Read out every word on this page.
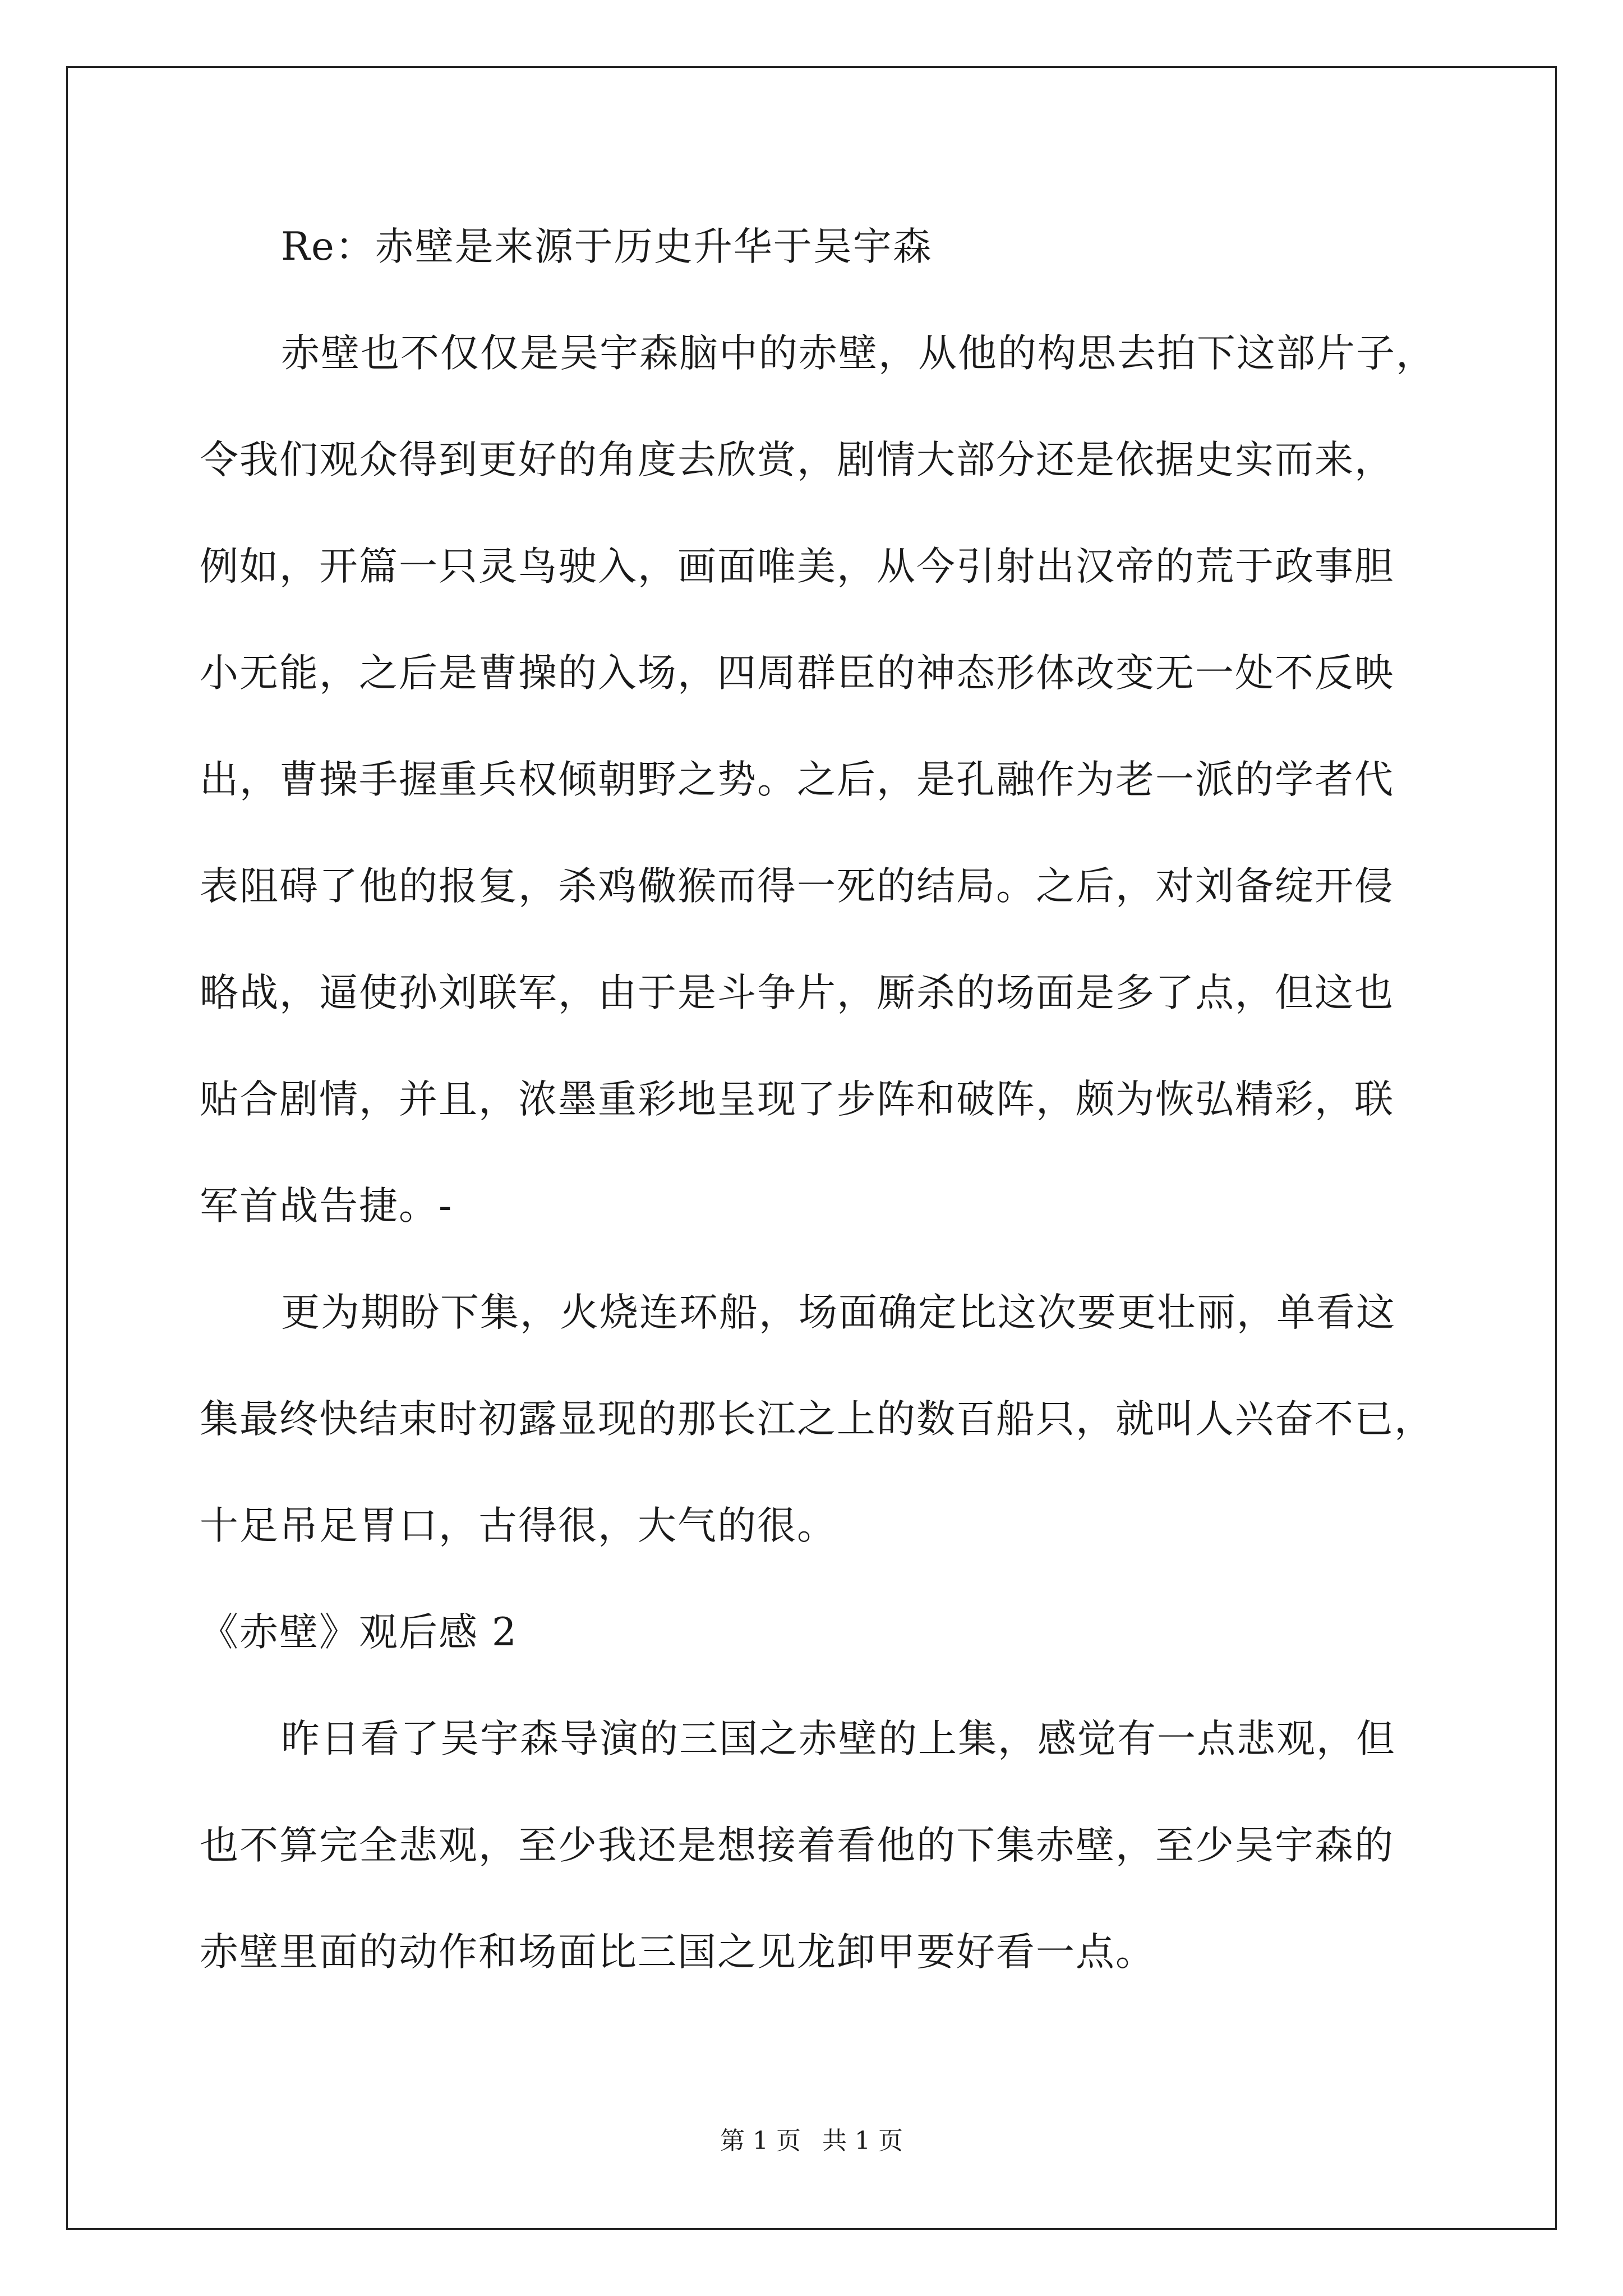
Re：赤壁是来源于历史升华于吴宇森
赤壁也不仅仅是吴宇森脑中的赤壁，从他的构思去拍下这部片子，
令我们观众得到更好的角度去欣赏，剧情大部分还是依据史实而来，
例如，开篇一只灵鸟驶入，画面唯美，从今引射出汉帝的荒于政事胆
小无能，之后是曹操的入场，四周群臣的神态形体改变无一处不反映
出，曹操手握重兵权倾朝野之势。之后，是孔融作为老一派的学者代
表阻碍了他的报复，杀鸡儆猴而得一死的结局。之后，对刘备绽开侵
略战，逼使孙刘联军，由于是斗争片，厮杀的场面是多了点，但这也
贴合剧情，并且，浓墨重彩地呈现了步阵和破阵，颇为恢弘精彩，联
军首战告捷。-
更为期盼下集，火烧连环船，场面确定比这次要更壮丽，单看这
集最终快结束时初露显现的那长江之上的数百船只，就叫人兴奋不已，
十足吊足胃口，古得很，大气的很。
《赤壁》观后感 2
昨日看了吴宇森导演的三国之赤壁的上集，感觉有一点悲观，但
也不算完全悲观，至少我还是想接着看他的下集赤壁，至少吴宇森的
赤壁里面的动作和场面比三国之见龙卸甲要好看一点。
第 1 页 共 1 页
